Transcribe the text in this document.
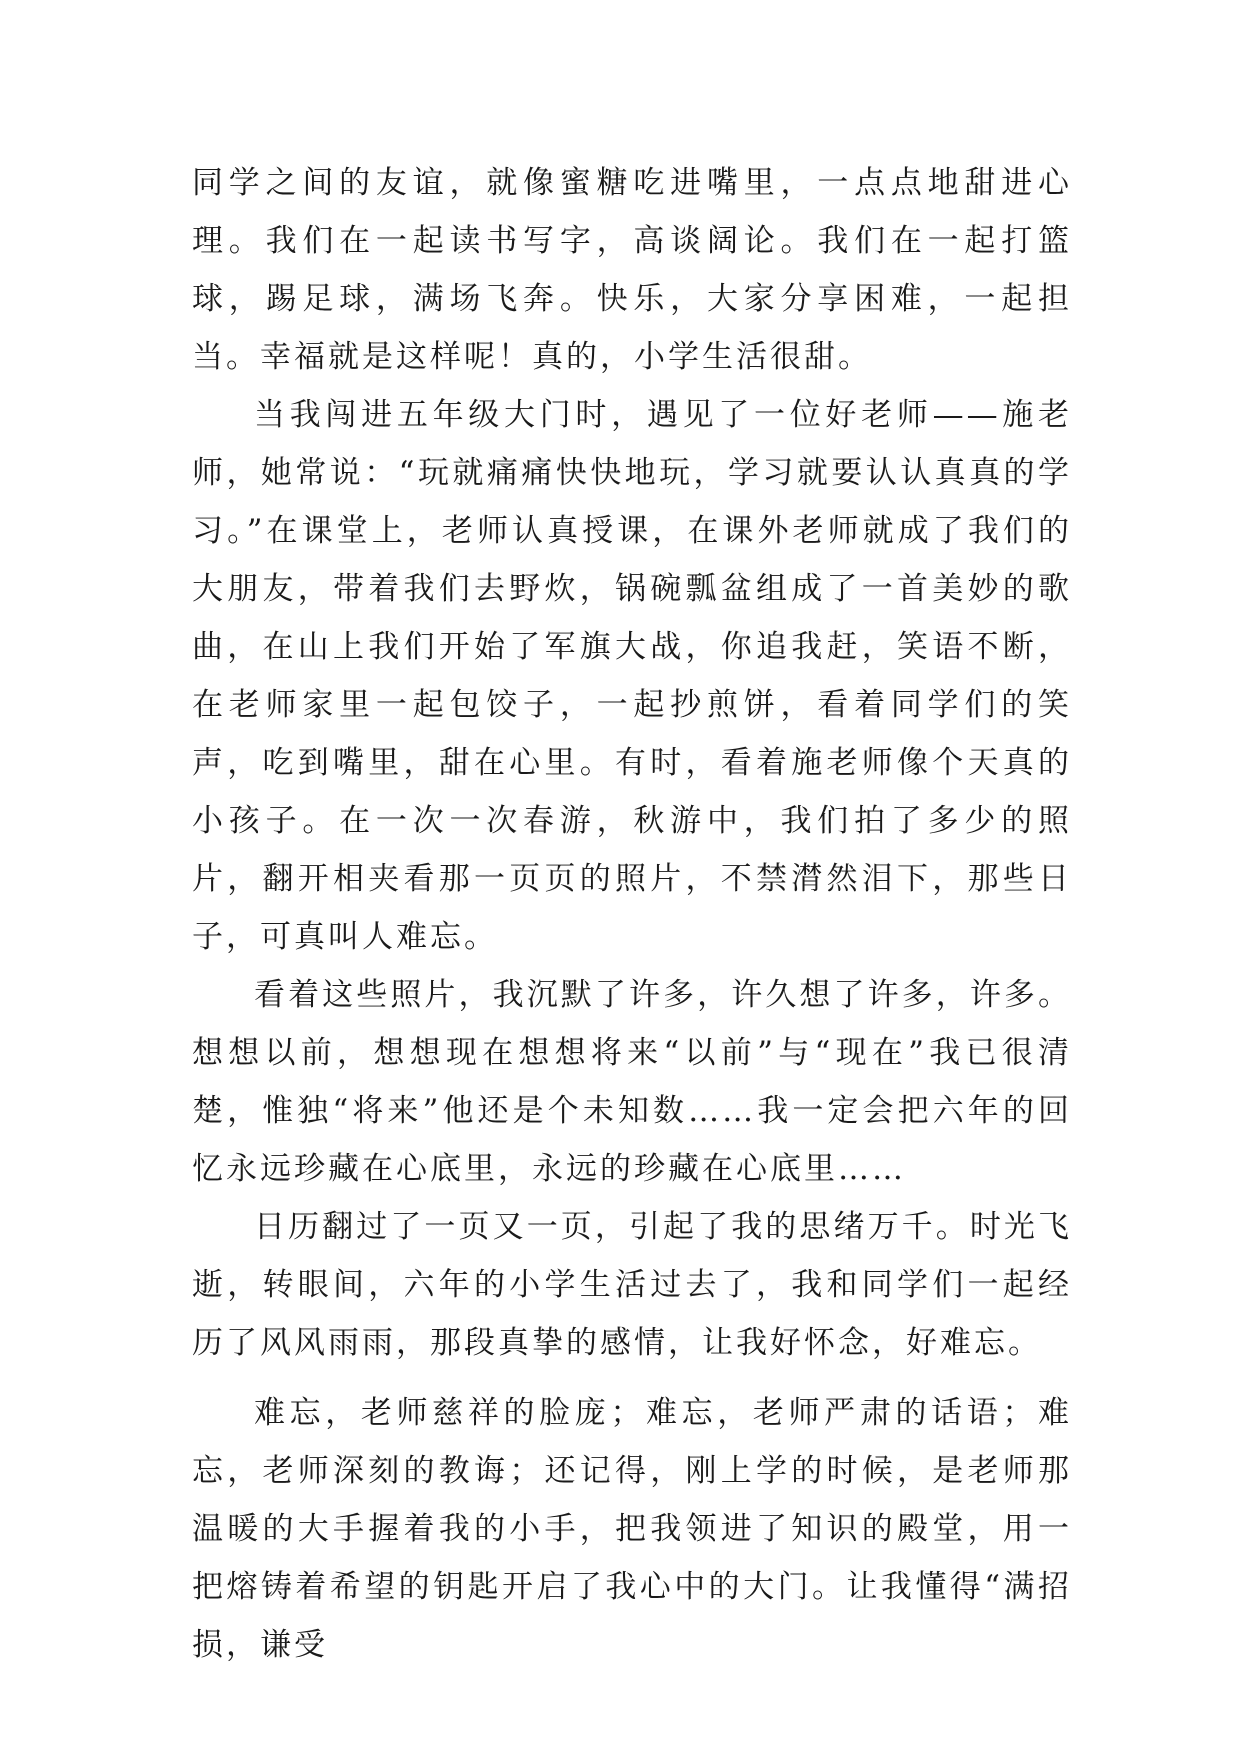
同学之间的友谊，就像蜜糖吃进嘴里，一点点地甜进心理。我们在一起读书写字，高谈阔论。我们在一起打篮球，踢足球，满场飞奔。快乐，大家分享困难，一起担当。幸福就是这样呢！真的，小学生活很甜。

当我闯进五年级大门时，遇见了一位好老师——施老师，她常说：“玩就痛痛快快地玩，学习就要认认真真的学习。”在课堂上，老师认真授课，在课外老师就成了我们的大朋友，带着我们去野炊，锅碗瓢盆组成了一首美妙的歌曲，在山上我们开始了军旗大战，你追我赶，笑语不断，在老师家里一起包饺子，一起抄煎饼，看着同学们的笑声，吃到嘴里，甜在心里。有时，看着施老师像个天真的小孩子。在一次一次春游，秋游中，我们拍了多少的照片，翻开相夹看那一页页的照片，不禁潸然泪下，那些日子，可真叫人难忘。

看着这些照片，我沉默了许多，许久想了许多，许多。想想以前，想想现在想想将来“以前”与“现在”我已很清楚，惟独“将来”他还是个未知数……我一定会把六年的回忆永远珍藏在心底里，永远的珍藏在心底里……

日历翻过了一页又一页，引起了我的思绪万千。时光飞逝，转眼间，六年的小学生活过去了，我和同学们一起经历了风风雨雨，那段真挚的感情，让我好怀念，好难忘。

难忘，老师慈祥的脸庞；难忘，老师严肃的话语；难忘，老师深刻的教诲；还记得，刚上学的时候，是老师那温暖的大手握着我的小手，把我领进了知识的殿堂，用一把熔铸着希望的钥匙开启了我心中的大门。让我懂得“满招损，谦受
